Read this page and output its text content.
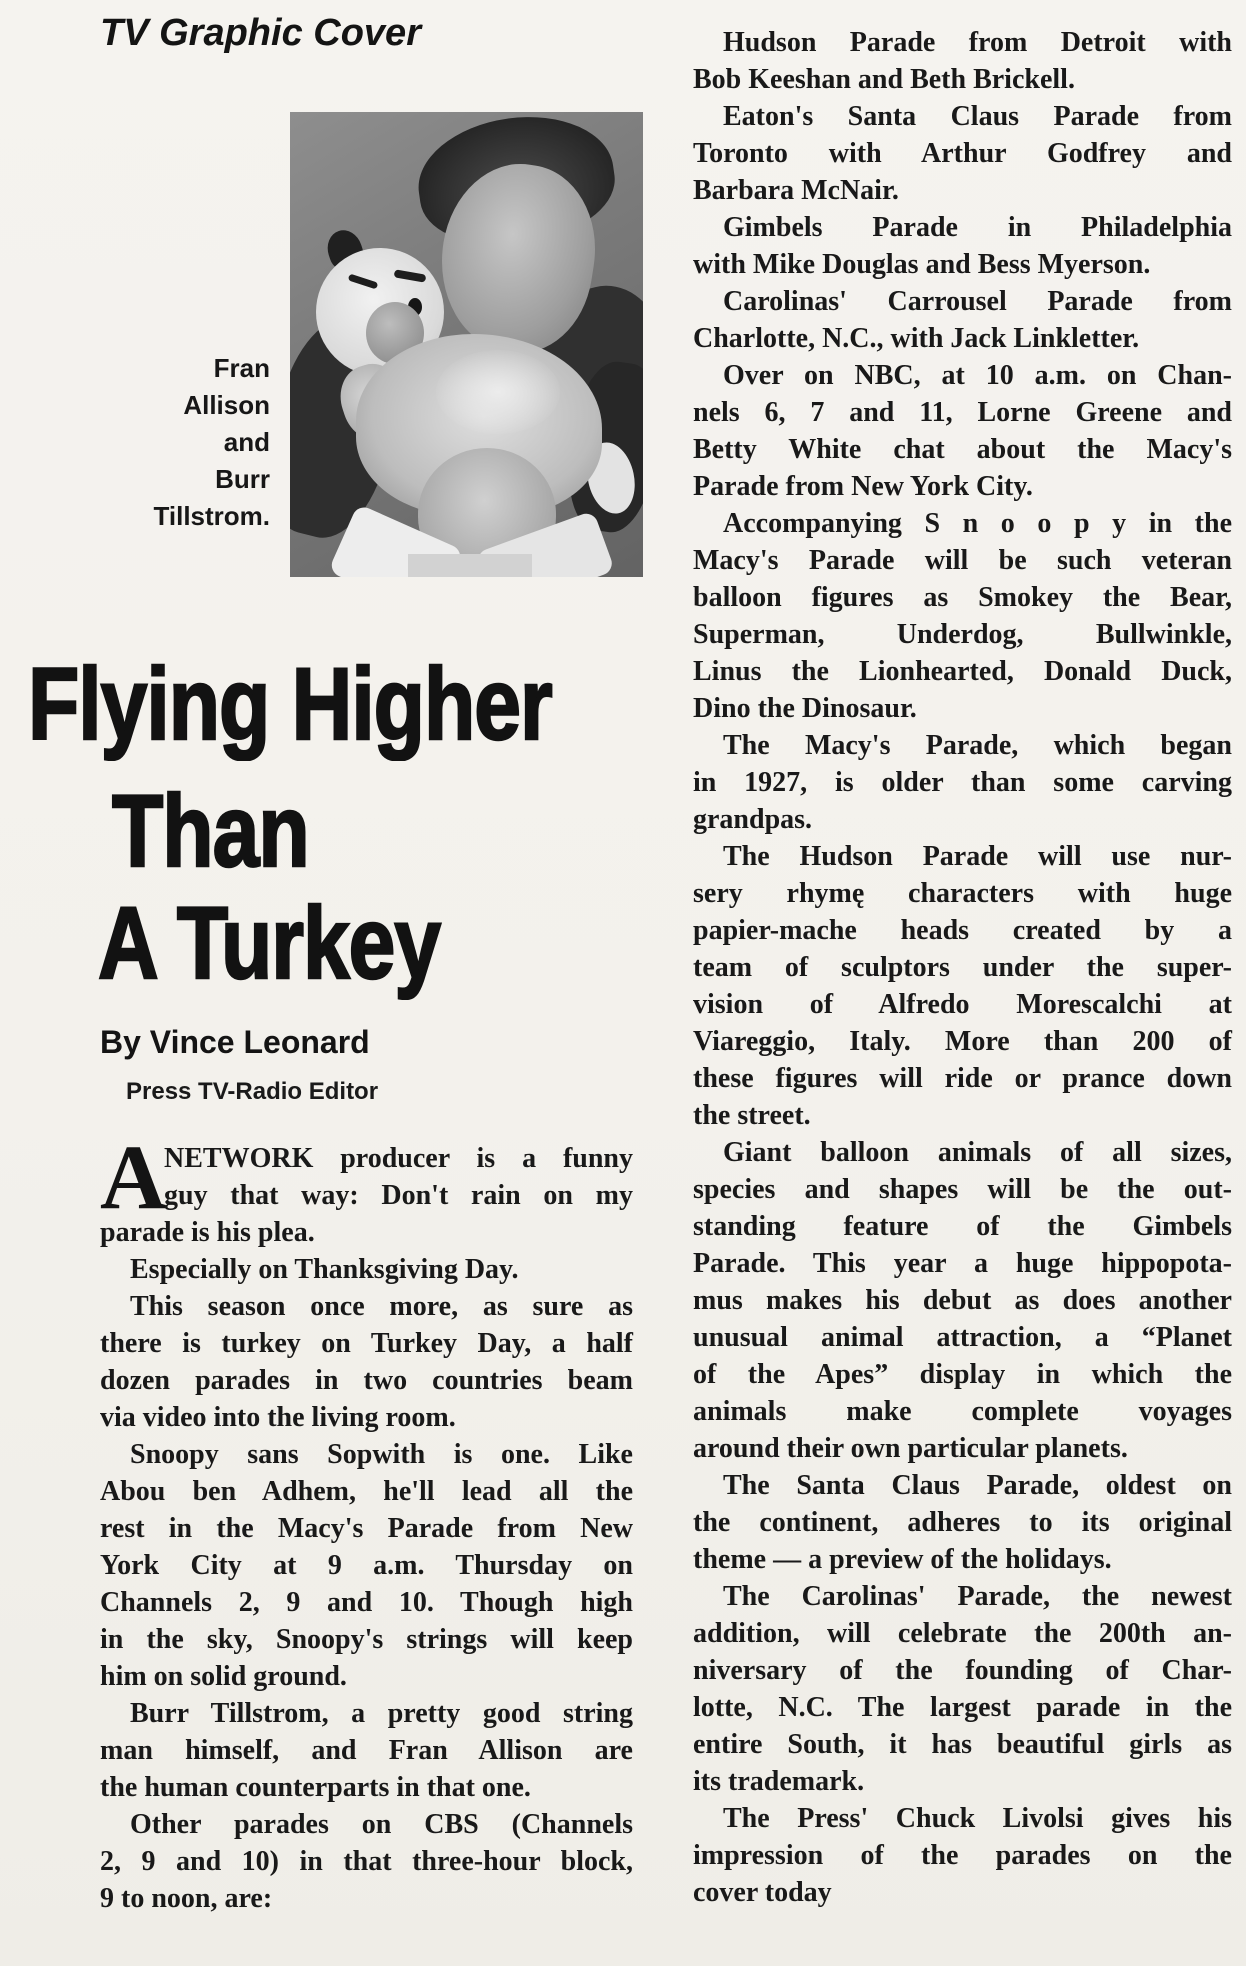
TV Graphic Cover
Fran
Allison
and
Burr
Tillstrom.
Flying Higher
Than
A Turkey
By Vince Leonard
Press TV-Radio Editor
A
NETWORK producer is a funny
guy that way: Don't rain on my
parade is his plea.
Especially on Thanksgiving Day.
This season once more, as sure as
there is turkey on Turkey Day, a half
dozen parades in two countries beam
via video into the living room.
Snoopy sans Sopwith is one. Like
Abou ben Adhem, he'll lead all the
rest in the Macy's Parade from New
York City at 9 a.m. Thursday on
Channels 2, 9 and 10. Though high
in the sky, Snoopy's strings will keep
him on solid ground.
Burr Tillstrom, a pretty good string
man himself, and Fran Allison are
the human counterparts in that one.
Other parades on CBS (Channels
2, 9 and 10) in that three-hour block,
9 to noon, are:
Hudson Parade from Detroit with
Bob Keeshan and Beth Brickell.
Eaton's Santa Claus Parade from
Toronto with Arthur Godfrey and
Barbara McNair.
Gimbels Parade in Philadelphia
with Mike Douglas and Bess Myerson.
Carolinas' Carrousel Parade from
Charlotte, N.C., with Jack Linkletter.
Over on NBC, at 10 a.m. on Chan-
nels 6, 7 and 11, Lorne Greene and
Betty White chat about the Macy's
Parade from New York City.
Accompanying S n o o p y in the
Macy's Parade will be such veteran
balloon figures as Smokey the Bear,
Superman, Underdog, Bullwinkle,
Linus the Lionhearted, Donald Duck,
Dino the Dinosaur.
The Macy's Parade, which began
in 1927, is older than some carving
grandpas.
The Hudson Parade will use nur-
sery rhymę characters with huge
papier-mache heads created by a
team of sculptors under the super-
vision of Alfredo Morescalchi at
Viareggio, Italy. More than 200 of
these figures will ride or prance down
the street.
Giant balloon animals of all sizes,
species and shapes will be the out-
standing feature of the Gimbels
Parade. This year a huge hippopota-
mus makes his debut as does another
unusual animal attraction, a “Planet
of the Apes” display in which the
animals make complete voyages
around their own particular planets.
The Santa Claus Parade, oldest on
the continent, adheres to its original
theme — a preview of the holidays.
The Carolinas' Parade, the newest
addition, will celebrate the 200th an-
niversary of the founding of Char-
lotte, N.C. The largest parade in the
entire South, it has beautiful girls as
its trademark.
The Press' Chuck Livolsi gives his
impression of the parades on the
cover today
